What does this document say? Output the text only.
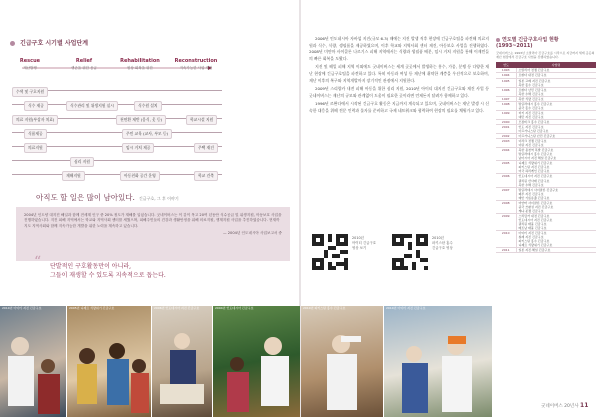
긴급구호 시기별 사업단계
Rescue
재난발생
Relief
생존을 위한 응급
Rehabilitation
원상 회복을 위한
Reconstruction
지속가능한 사업 재건
수색 및 구호지원
식수 제공	식수관리 및 위생지원 실시	식수원 설치
의료 지원(부상자 치료)	천연환 제반 (음식, 옷 등)	학교시설 지원
식품제공	주민 교육 (교사, 부모 등)
의료지원	임시 거처 제공	주택 재건
심리 지원
재해지원	아동친화 공간 운영	학교 건축
아직도 할 일은 많이 남아있다. 긴급구호, 그 후 이야기
2004년 인도양 대지진 해일과 함께 전세계 인구 중 20% 정도가 재해를 입었습니다. 굿네이버스는 이 같이 목고 20여 년동안 식수공급 및 위생지원, 아동보호 사업을 진행하였습니다. 지진 피해 지역에서는 학교와 지역사회 센터를 세웠으며, 피해주민들의 건강과 생활안정을 위해 의료지원, 생계지원 사업을 추진하였습니다. 현재까지도 지역사회와 함께 지속가능한 개발을 위한 노력을 계속하고 있습니다.
— 2004년 인도네시아 사업보고서 중
“ 단발적인 구호활동만이 아니라,
그들이 재생할 수 있도록 지속적으로 돕는다.
2010년 아이티 지진 긴급구호	2005년 니제르 식량위기 긴급구호	2006년 인도네시아 지진 긴급구호	2004년 인도네시아 긴급구호

2006년 인도네시아 자바섬 지진(규모 6.3) 때에는 지진 발생 직후 현장에 긴급구호팀을 파견해 의료지원과 식수, 식량, 생필품을 제공하였으며, 이후 학교와 지역사회 센터 재건, 아동보호 사업을 진행하였다. 2008년 미얀마 사이클론 나르기스 피해 지역에서는 식량과 생필품 배분, 임시 거처 지원을 통해 이재민들의 빠른 회복을 도왔다.

지진 및 해일 피해 지역 이외에도 굿네이버스는 세계 곳곳에서 발생하는 홍수, 가뭄, 분쟁 등 다양한 재난 현장에 긴급구호팀을 파견하고 있다. 특히 아동과 여성 등 재난에 취약한 계층을 우선적으로 보호하며, 재난 이후의 복구와 지역개발까지 장기적인 관점에서 지원한다.

2009년 스리랑카 내전 피해 아동을 위한 심리 지원, 2010년 아이티 대지진 긴급구호와 재건 사업 등 굿네이버스는 재난의 규모와 관계없이 도움이 필요한 곳이라면 언제든지 달려가 함께하고 있다.

1996년 르완다에서 시작된 긴급구호 활동은 지금까지 계속되고 있으며, 굿네이버스는 재난 발생 시 신속한 대응을 위해 전문 인력과 물자를 준비하고 국제 네트워크와 협력하여 현장의 필요를 채워가고 있다.

2010년
아이티 긴급구호
영상 보기
2010년
파키스탄 홍수
긴급구호 영상
2010년 파키스탄 홍수 긴급구호	2010년 아이티 지진 긴급구호
연도별 긴급구호사업 현황 (1993~2011)
굿네이버스는 1993년 소말리아 긴급구호를 시작으로 지금까지 세계 곳곳의 재난 현장에서 긴급구호 사업을 진행하였습니다.
연도	사업명
1993	소말리아 전쟁 긴급구호

1994	르완다 내전 긴급구호

1995	일본 고베 지진 긴급구호
북한 홍수 긴급구호

1996	르완다 난민 긴급구호
북한 수해 긴급구호

1997	북한 식량 긴급구호

1998	방글라데시 홍수 긴급구호
중국 홍수 긴급구호

1999	터키 지진 긴급구호
대만 지진 긴급구호

2000	모잠비크 홍수 긴급구호

2001	인도 지진 긴급구호
아프가니스탄 긴급구호

2002	아프가니스탄 난민 긴급구호

2003	이라크 전쟁 긴급구호
이란 지진 긴급구호

2004	북한 용천역 폭발 긴급구호
방글라데시 홍수 긴급구호
남아시아 지진 해일 긴급구호

2005	니제르 식량위기 긴급구호
파키스탄 지진 긴급구호
미국 허리케인 긴급구호

2006	인도네시아 지진 긴급구호
필리핀 산사태 긴급구호
북한 수해 긴급구호

2007	방글라데시 사이클론 긴급구호
페루 지진 긴급구호
태안 기름유출 긴급구호

2008	미얀마 사이클론 긴급구호
중국 쓰촨성 지진 긴급구호
케냐 분쟁 긴급구호

2009	스리랑카 내전 긴급구호
인도네시아 지진 긴급구호
필리핀 태풍 긴급구호
베트남 태풍 긴급구호

2010	아이티 지진 긴급구호
칠레 지진 긴급구호
파키스탄 홍수 긴급구호
니제르 식량위기 긴급구호

2011	일본 지진·해일 긴급구호
굿네이버스 20년사 11
